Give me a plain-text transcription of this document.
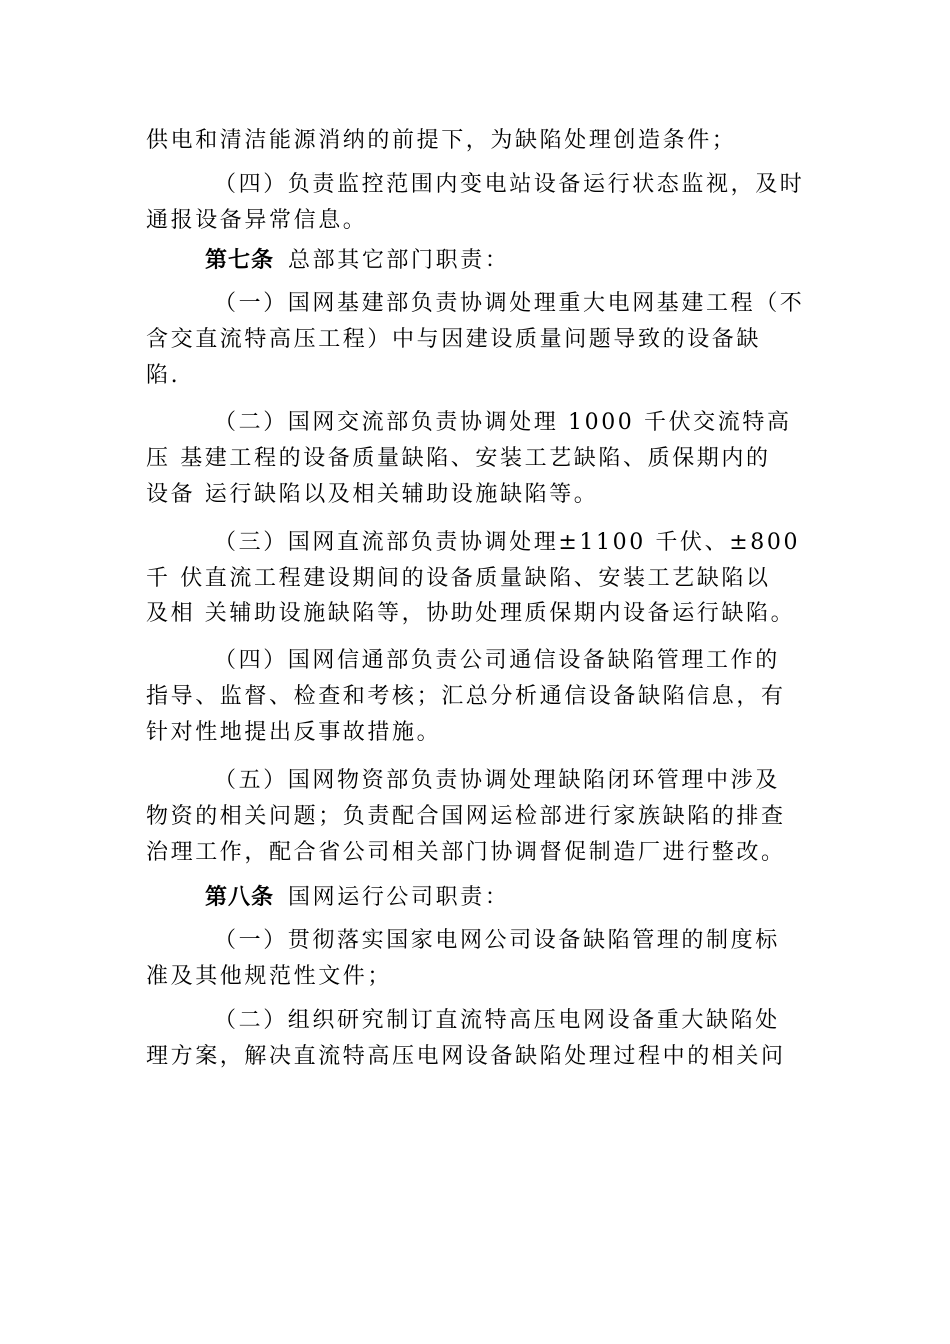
供电和清洁能源消纳的前提下，为缺陷处理创造条件；
（四）负责监控范围内变电站设备运行状态监视，及时
通报设备异常信息。
第七条 总部其它部门职责：
（一）国网基建部负责协调处理重大电网基建工程（不
含交直流特高压工程）中与因建设质量问题导致的设备缺
陷.
（二）国网交流部负责协调处理 1000 千伏交流特高
压 基建工程的设备质量缺陷、安装工艺缺陷、质保期内的
设备 运行缺陷以及相关辅助设施缺陷等。
（三）国网直流部负责协调处理±1100 千伏、±800
千 伏直流工程建设期间的设备质量缺陷、安装工艺缺陷以
及相 关辅助设施缺陷等，协助处理质保期内设备运行缺陷。
（四）国网信通部负责公司通信设备缺陷管理工作的
指导、监督、检查和考核；汇总分析通信设备缺陷信息，有
针对性地提出反事故措施。
（五）国网物资部负责协调处理缺陷闭环管理中涉及
物资的相关问题；负责配合国网运检部进行家族缺陷的排查
治理工作，配合省公司相关部门协调督促制造厂进行整改。
第八条 国网运行公司职责：
（一）贯彻落实国家电网公司设备缺陷管理的制度标
准及其他规范性文件；
（二）组织研究制订直流特高压电网设备重大缺陷处
理方案，解决直流特高压电网设备缺陷处理过程中的相关问
